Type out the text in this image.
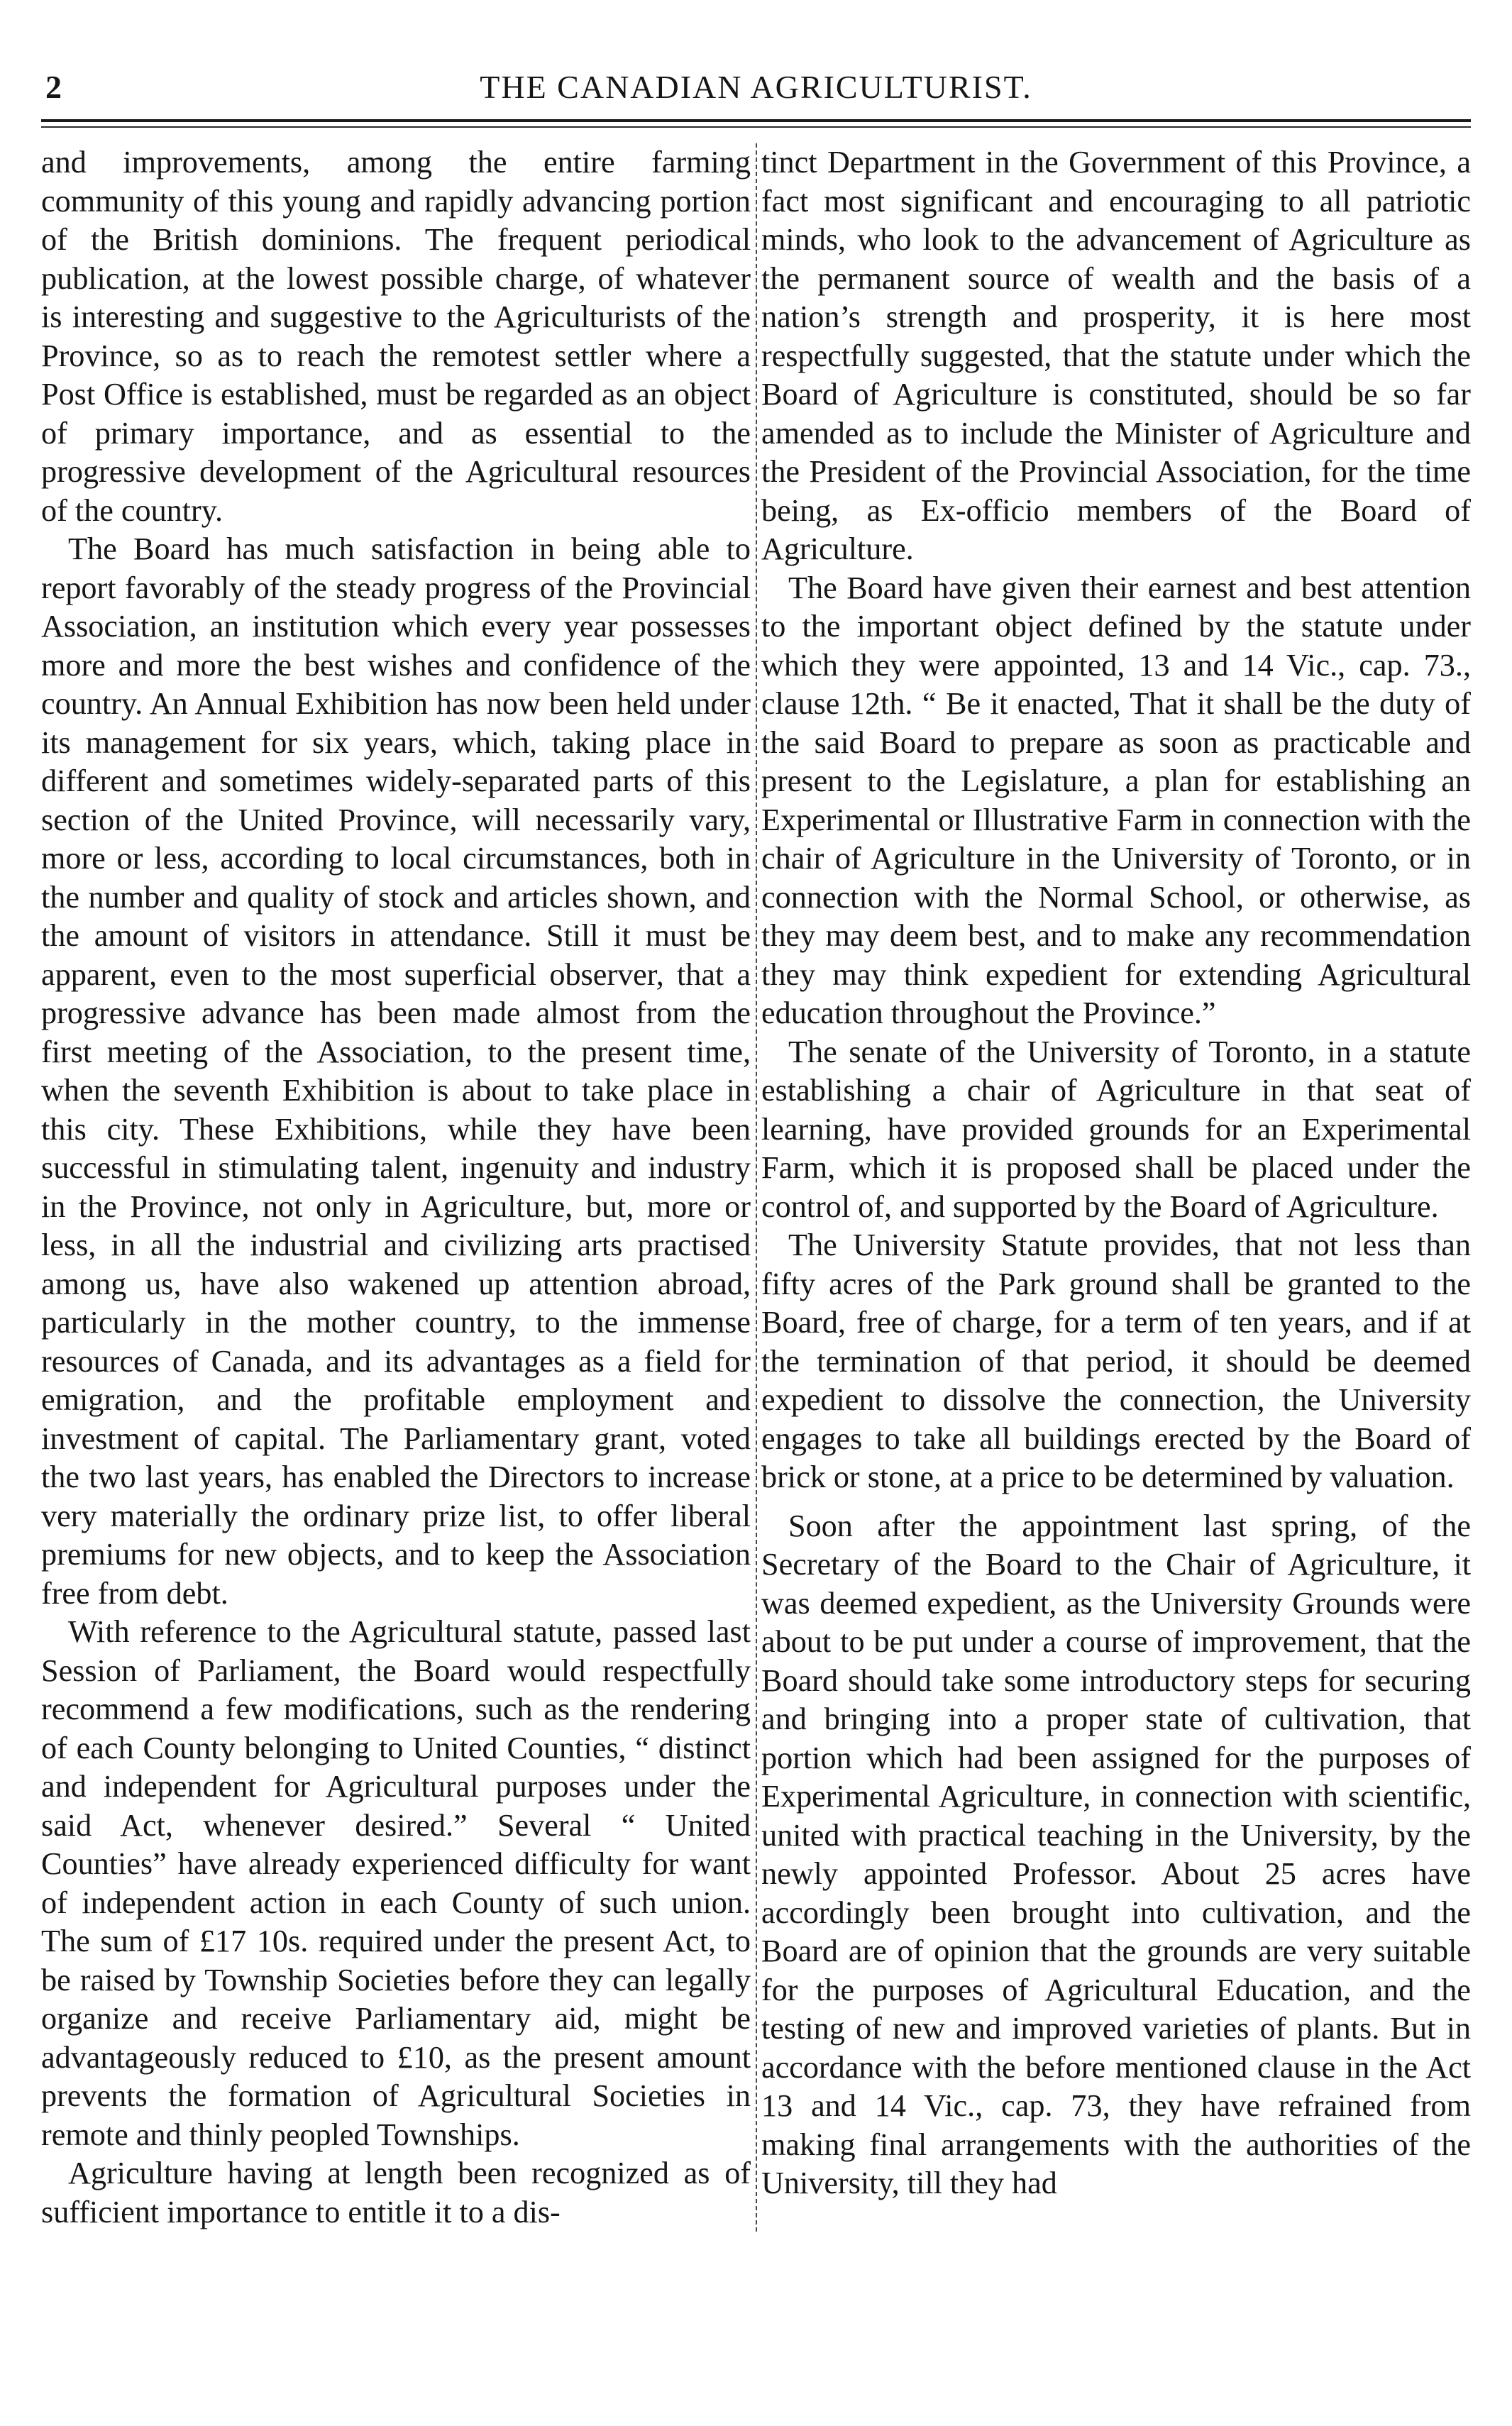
2	THE CANADIAN AGRICULTURIST.

and improvements, among the entire farming community of this young and rapidly advancing portion of the British dominions. The frequent periodical publication, at the lowest possible charge, of whatever is interesting and suggestive to the Agriculturists of the Province, so as to reach the remotest settler where a Post Office is established, must be regarded as an object of primary importance, and as essential to the progressive development of the Agricultural resources of the country.

The Board has much satisfaction in being able to report favorably of the steady progress of the Provincial Association, an institution which every year possesses more and more the best wishes and confidence of the country. An Annual Exhibition has now been held under its management for six years, which, taking place in different and sometimes widely-separated parts of this section of the United Province, will necessarily vary, more or less, according to local circumstances, both in the number and quality of stock and articles shown, and the amount of visitors in attendance. Still it must be apparent, even to the most superficial observer, that a progressive advance has been made almost from the first meeting of the Association, to the present time, when the seventh Exhibition is about to take place in this city. These Exhibitions, while they have been successful in stimulating talent, ingenuity and industry in the Province, not only in Agriculture, but, more or less, in all the industrial and civilizing arts practised among us, have also wakened up attention abroad, particularly in the mother country, to the immense resources of Canada, and its advantages as a field for emigration, and the profitable employment and investment of capital. The Parliamentary grant, voted the two last years, has enabled the Directors to increase very materially the ordinary prize list, to offer liberal premiums for new objects, and to keep the Association free from debt.

With reference to the Agricultural statute, passed last Session of Parliament, the Board would respectfully recommend a few modifications, such as the rendering of each County belonging to United Counties, “ distinct and independent for Agricultural purposes under the said Act, whenever desired.” Several “ United Counties” have already experienced difficulty for want of independent action in each County of such union. The sum of £17 10s. required under the present Act, to be raised by Township Societies before they can legally organize and receive Parliamentary aid, might be advantageously reduced to £10, as the present amount prevents the formation of Agricultural Societies in remote and thinly peopled Townships.

Agriculture having at length been recognized as of sufficient importance to entitle it to a dis-

tinct Department in the Government of this Province, a fact most significant and encouraging to all patriotic minds, who look to the advancement of Agriculture as the permanent source of wealth and the basis of a nation’s strength and prosperity, it is here most respectfully suggested, that the statute under which the Board of Agriculture is constituted, should be so far amended as to include the Minister of Agriculture and the President of the Provincial Association, for the time being, as Ex-officio members of the Board of Agriculture.

The Board have given their earnest and best attention to the important object defined by the statute under which they were appointed, 13 and 14 Vic., cap. 73., clause 12th. “ Be it enacted, That it shall be the duty of the said Board to prepare as soon as practicable and present to the Legislature, a plan for establishing an Experimental or Illustrative Farm in connection with the chair of Agriculture in the University of Toronto, or in connection with the Normal School, or otherwise, as they may deem best, and to make any recommendation they may think expedient for extending Agricultural education throughout the Province.”

The senate of the University of Toronto, in a statute establishing a chair of Agriculture in that seat of learning, have provided grounds for an Experimental Farm, which it is proposed shall be placed under the control of, and supported by the Board of Agriculture.

The University Statute provides, that not less than fifty acres of the Park ground shall be granted to the Board, free of charge, for a term of ten years, and if at the termination of that period, it should be deemed expedient to dissolve the connection, the University engages to take all buildings erected by the Board of brick or stone, at a price to be determined by valuation.

Soon after the appointment last spring, of the Secretary of the Board to the Chair of Agriculture, it was deemed expedient, as the University Grounds were about to be put under a course of improvement, that the Board should take some introductory steps for securing and bringing into a proper state of cultivation, that portion which had been assigned for the purposes of Experimental Agriculture, in connection with scientific, united with practical teaching in the University, by the newly appointed Professor. About 25 acres have accordingly been brought into cultivation, and the Board are of opinion that the grounds are very suitable for the purposes of Agricultural Education, and the testing of new and improved varieties of plants. But in accordance with the before mentioned clause in the Act 13 and 14 Vic., cap. 73, they have refrained from making final arrangements with the authorities of the University, till they had
